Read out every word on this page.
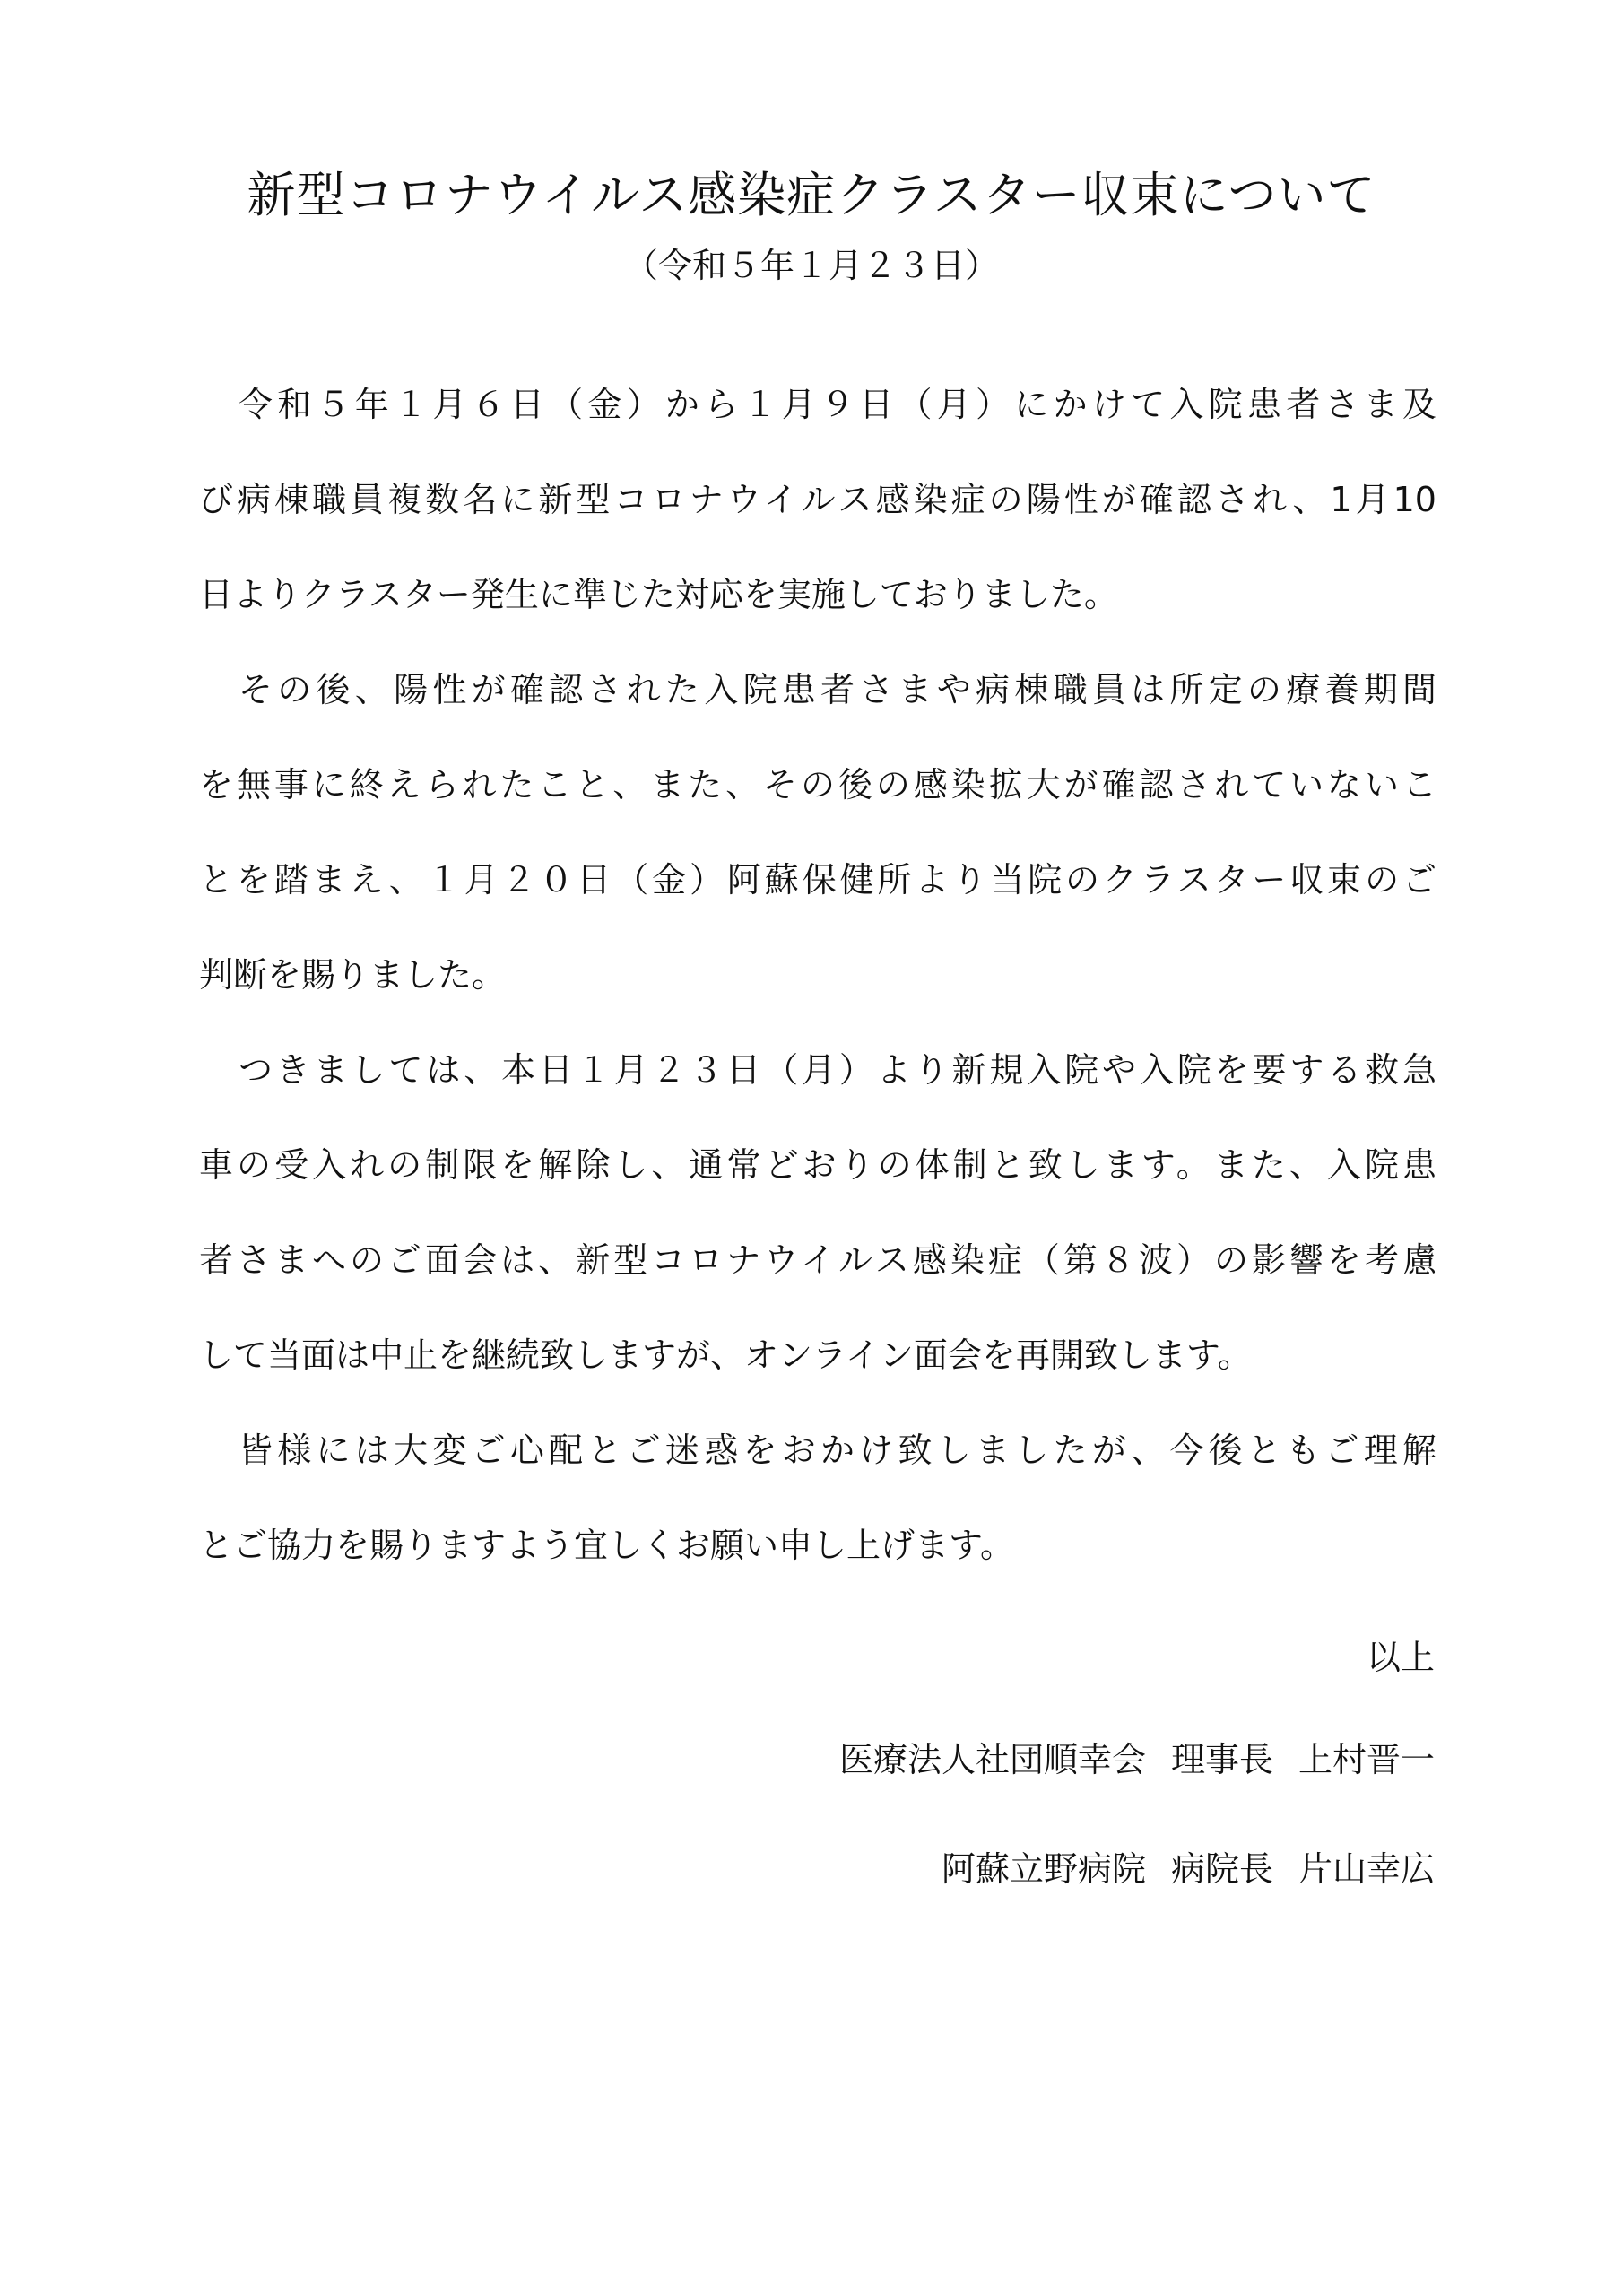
新型コロナウイルス感染症クラスター収束について
（令和５年１月２３日）
令和５年１月６日（金）から１月９日（月）にかけて入院患者さま及
び病棟職員複数名に新型コロナウイルス感染症の陽性が確認され、1月10
日よりクラスター発生に準じた対応を実施しておりました。
その後、陽性が確認された入院患者さまや病棟職員は所定の療養期間
を無事に終えられたこと、また、その後の感染拡大が確認されていないこ
とを踏まえ、１月２０日（金）阿蘇保健所より当院のクラスター収束のご
判断を賜りました。
つきましては、本日１月２３日（月）より新規入院や入院を要する救急
車の受入れの制限を解除し、通常どおりの体制と致します。また、入院患
者さまへのご面会は、新型コロナウイルス感染症（第８波）の影響を考慮
して当面は中止を継続致しますが、オンライン面会を再開致します。
皆様には大変ご心配とご迷惑をおかけ致しましたが、今後ともご理解
とご協力を賜りますよう宜しくお願い申し上げます。
以上
医療法人社団順幸会 理事長 上村晋一
阿蘇立野病院 病院長 片山幸広
